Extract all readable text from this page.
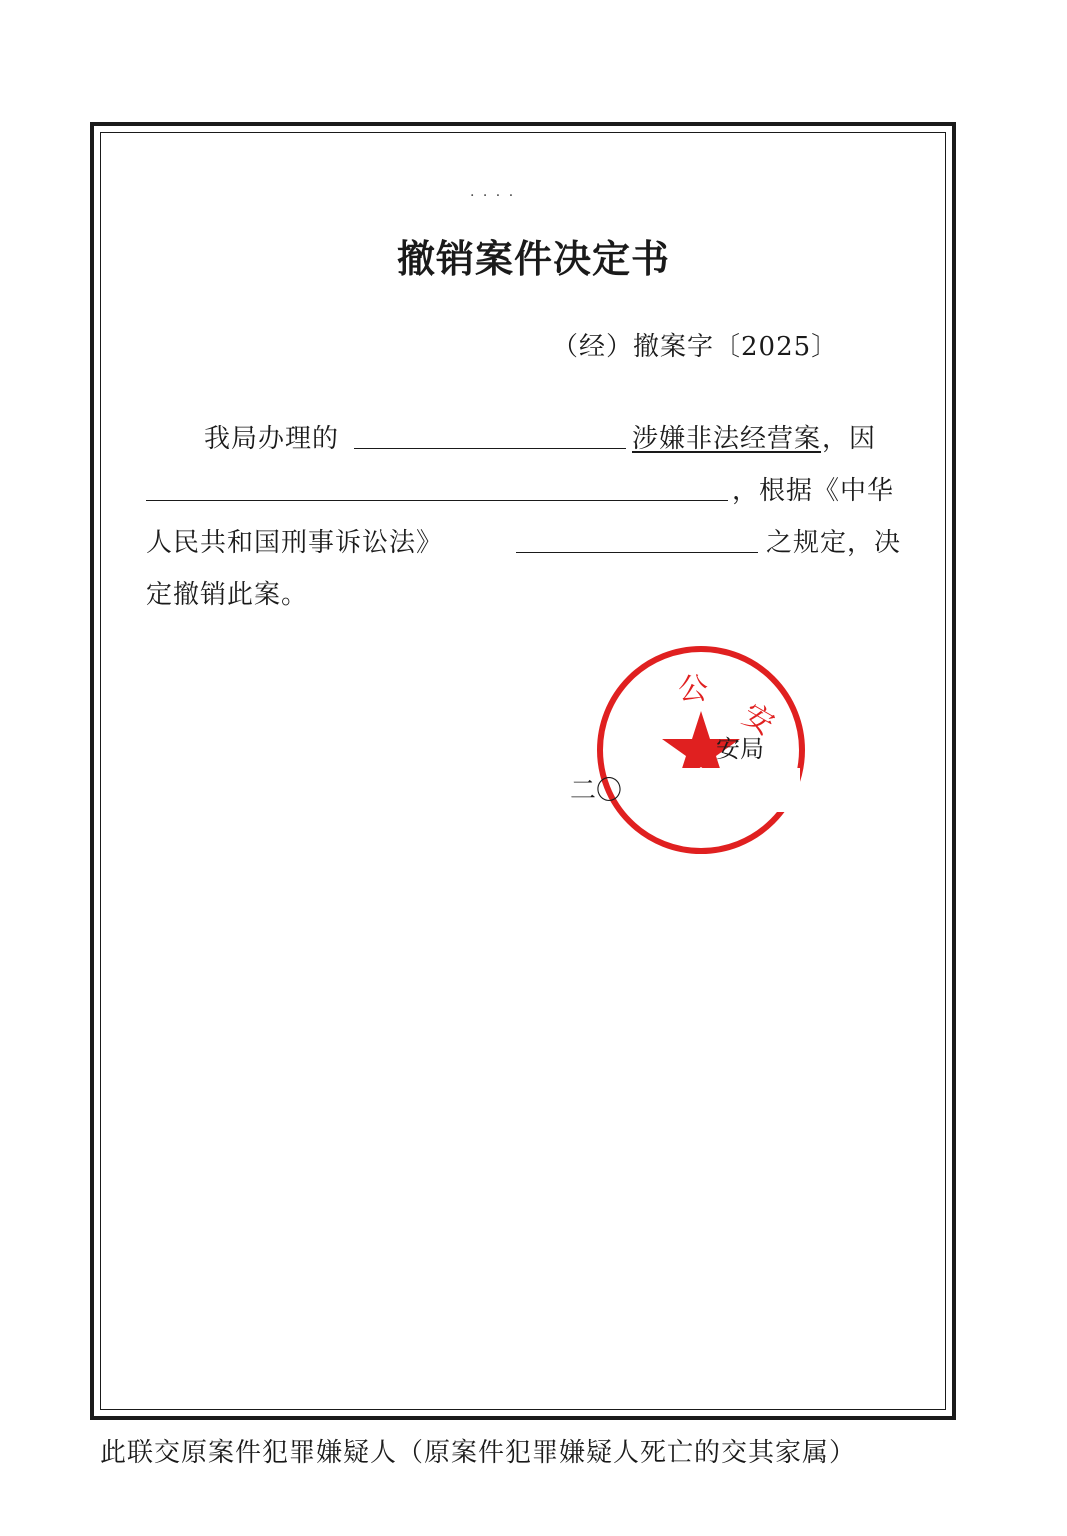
· · · ·
撤销案件决定书
（经）撤案字〔2025〕
我局办理的	涉嫌非法经营案 ，因
，根据《中华
人民共和国刑事诉讼法》	之规定，决
定撤销此案。
公
安
安局
二〇
此联交原案件犯罪嫌疑人（原案件犯罪嫌疑人死亡的交其家属）
